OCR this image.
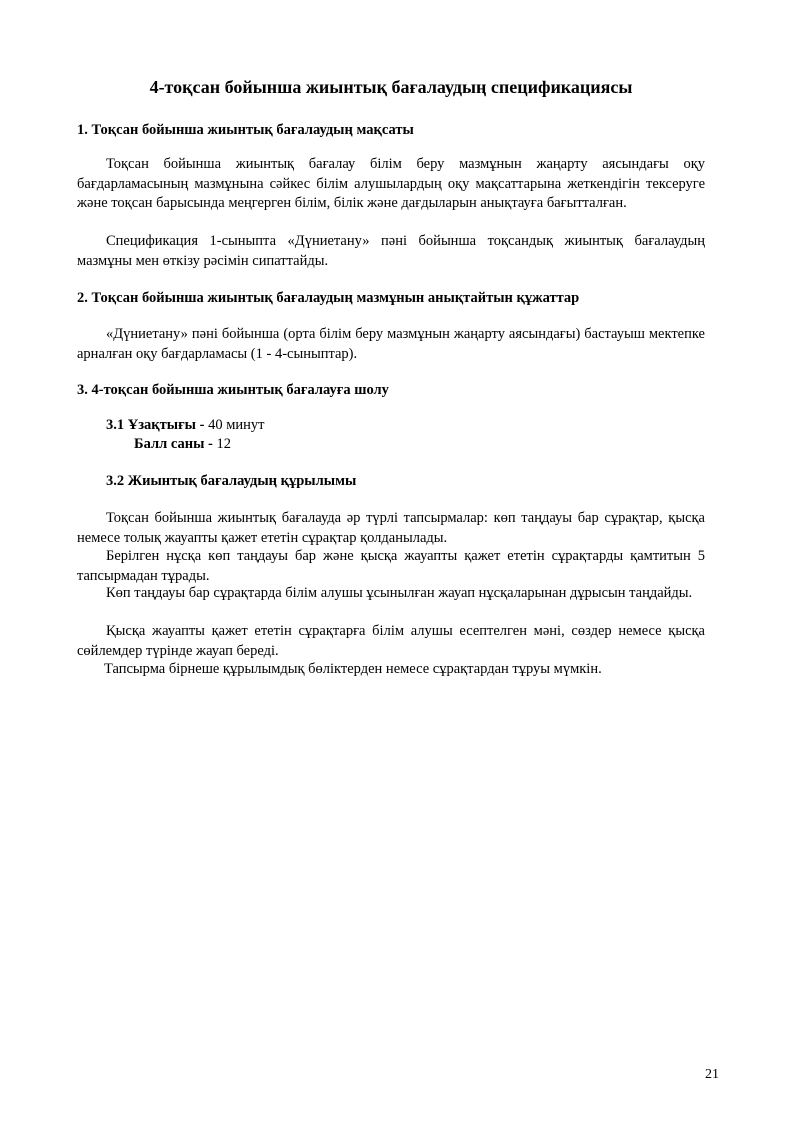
4-тоқсан бойынша жиынтық бағалаудың спецификациясы
1. Тоқсан бойынша жиынтық бағалаудың мақсаты
Тоқсан бойынша жиынтық бағалау білім беру мазмұнын жаңарту аясындағы оқу бағдарламасының мазмұнына сәйкес білім алушылардың оқу мақсаттарына жеткендігін тексеруге және тоқсан барысында меңгерген білім, білік және дағдыларын анықтауға бағытталған.
Спецификация 1-сыныпта «Дүниетану» пәні бойынша тоқсандық жиынтық бағалаудың мазмұны мен өткізу рәсімін сипаттайды.
2. Тоқсан бойынша жиынтық бағалаудың мазмұнын анықтайтын құжаттар
«Дүниетану» пәні бойынша (орта білім беру мазмұнын жаңарту аясындағы) бастауыш мектепке арналған оқу бағдарламасы (1 - 4-сыныптар).
3. 4-тоқсан бойынша жиынтық бағалауға шолу
3.1 Ұзақтығы - 40 минут
Балл саны - 12
3.2 Жиынтық бағалаудың құрылымы
Тоқсан бойынша жиынтық бағалауда әр түрлі тапсырмалар: көп таңдауы бар сұрақтар, қысқа немесе толық жауапты қажет ететін сұрақтар қолданылады.
Берілген нұсқа көп таңдауы бар және қысқа жауапты қажет ететін сұрақтарды қамтитын 5 тапсырмадан тұрады.
Көп таңдауы бар сұрақтарда білім алушы ұсынылған жауап нұсқаларынан дұрысын таңдайды.
Қысқа жауапты қажет ететін сұрақтарға білім алушы есептелген мәні, сөздер немесе қысқа сөйлемдер түрінде жауап береді.
Тапсырма бірнеше құрылымдық бөліктерден немесе сұрақтардан тұруы мүмкін.
21
